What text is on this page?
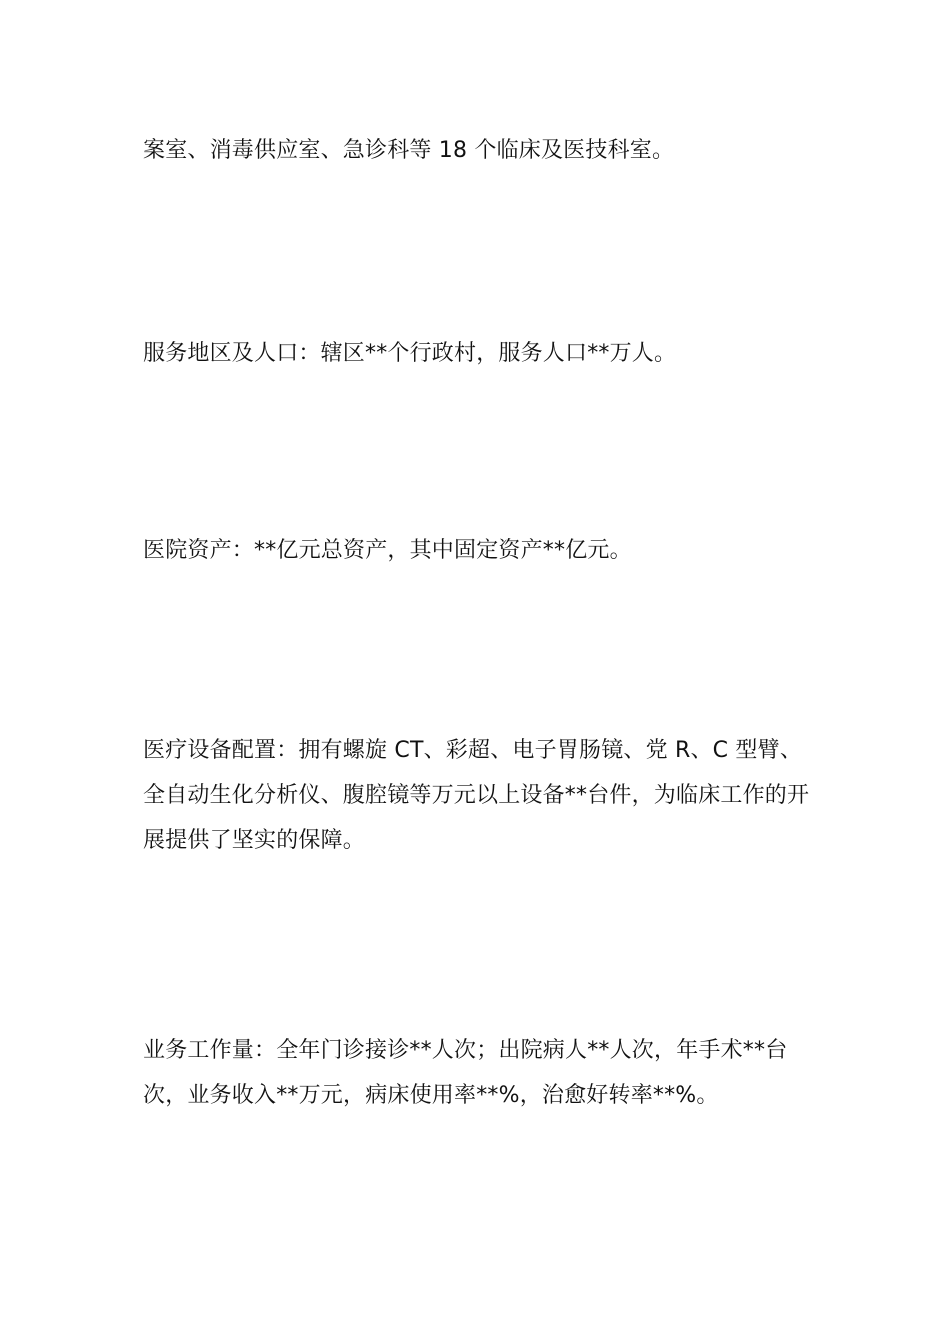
案室、消毒供应室、急诊科等 18 个临床及医技科室。

服务地区及人口：辖区**个行政村，服务人口**万人。

医院资产：**亿元总资产，其中固定资产**亿元。

医疗设备配置：拥有螺旋 CT、彩超、电子胃肠镜、党 R、C 型臂、全自动生化分析仪、腹腔镜等万元以上设备**台件，为临床工作的开展提供了坚实的保障。

业务工作量：全年门诊接诊**人次；出院病人**人次，年手术**台次，业务收入**万元，病床使用率**%，治愈好转率**%。
